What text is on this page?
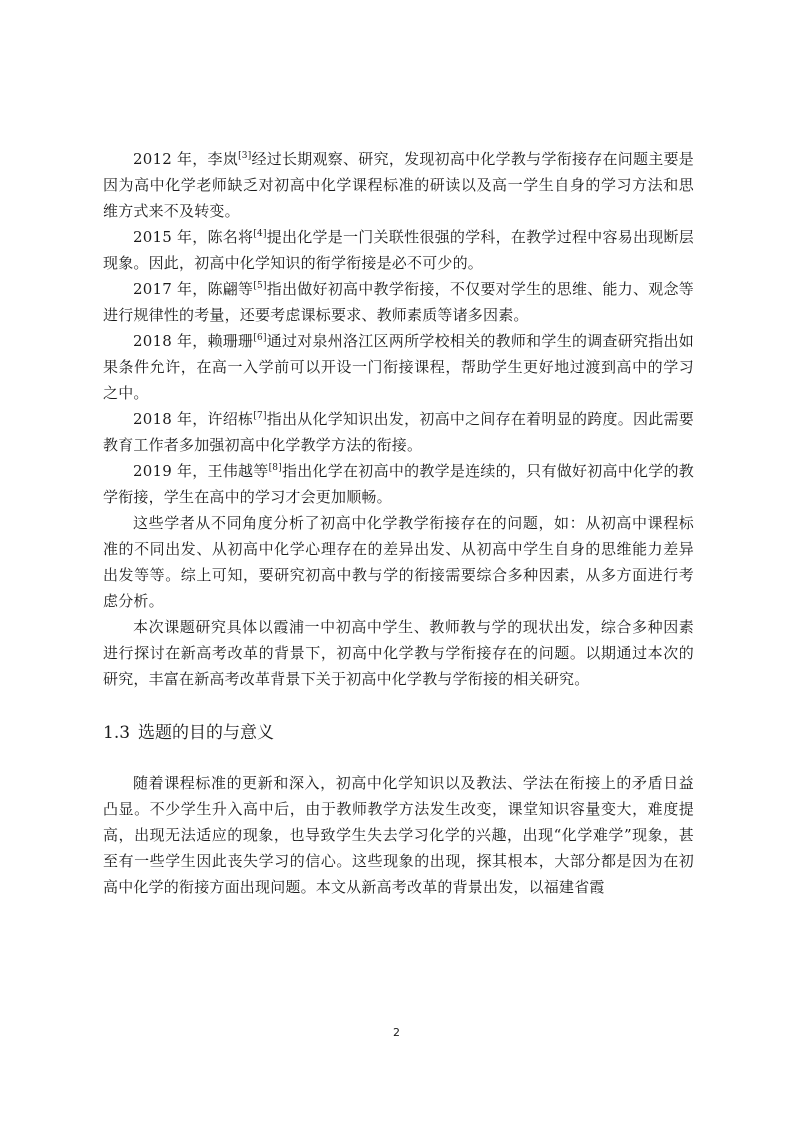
2012 年，李岚[3]经过长期观察、研究，发现初高中化学教与学衔接存在问题主要是因为高中化学老师缺乏对初高中化学课程标准的研读以及高一学生自身的学习方法和思维方式来不及转变。

2015 年，陈名将[4]提出化学是一门关联性很强的学科，在教学过程中容易出现断层现象。因此，初高中化学知识的衔学衔接是必不可少的。

2017 年，陈翩等[5]指出做好初高中教学衔接，不仅要对学生的思维、能力、观念等进行规律性的考量，还要考虑课标要求、教师素质等诸多因素。

2018 年，赖珊珊[6]通过对泉州洛江区两所学校相关的教师和学生的调查研究指出如果条件允许，在高一入学前可以开设一门衔接课程，帮助学生更好地过渡到高中的学习之中。

2018 年，许绍栋[7]指出从化学知识出发，初高中之间存在着明显的跨度。因此需要教育工作者多加强初高中化学教学方法的衔接。

2019 年，王伟越等[8]指出化学在初高中的教学是连续的，只有做好初高中化学的教学衔接，学生在高中的学习才会更加顺畅。

这些学者从不同角度分析了初高中化学教学衔接存在的问题，如：从初高中课程标准的不同出发、从初高中化学心理存在的差异出发、从初高中学生自身的思维能力差异出发等等。综上可知，要研究初高中教与学的衔接需要综合多种因素，从多方面进行考虑分析。

本次课题研究具体以霞浦一中初高中学生、教师教与学的现状出发，综合多种因素进行探讨在新高考改革的背景下，初高中化学教与学衔接存在的问题。以期通过本次的研究，丰富在新高考改革背景下关于初高中化学教与学衔接的相关研究。

1.3 选题的目的与意义

随着课程标准的更新和深入，初高中化学知识以及教法、学法在衔接上的矛盾日益凸显。不少学生升入高中后，由于教师教学方法发生改变，课堂知识容量变大，难度提高，出现无法适应的现象，也导致学生失去学习化学的兴趣，出现“化学难学”现象，甚至有一些学生因此丧失学习的信心。这些现象的出现，探其根本，大部分都是因为在初高中化学的衔接方面出现问题。本文从新高考改革的背景出发，以福建省霞

2
